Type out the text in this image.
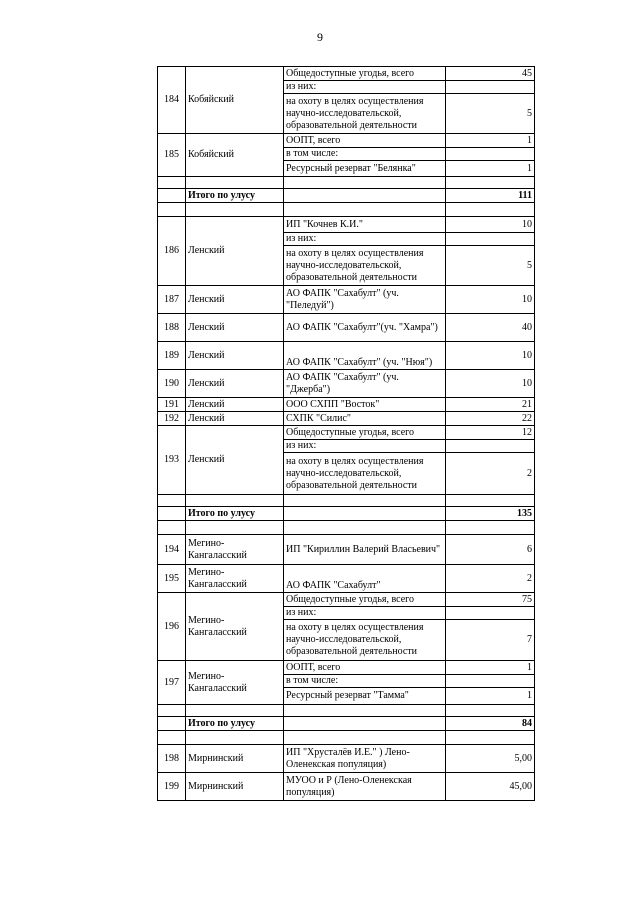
9
184	Кобяйский	Общедоступные угодья, всего	45
		из них:	
		на охоту в целях осуществления научно-исследовательской, образовательной деятельности	5
185	Кобяйский	ООПТ, всего	1
		в том числе:	
		Ресурсный резерват "Белянка"	1

	Итого по улусу		111

186	Ленский	ИП "Кочнев К.И."	10
		из них:	
		на охоту в целях осуществления научно-исследовательской, образовательной деятельности	5
187	Ленский	АО ФАПК "Сахабулт" (уч. "Пеледуй")	10
188	Ленский	АО ФАПК "Сахабулт"(уч. "Хамра")	40
189	Ленский	АО ФАПК "Сахабулт" (уч. "Нюя")	10
190	Ленский	АО ФАПК "Сахабулт" (уч. "Джерба")	10
191	Ленский	ООО СХПП "Восток"	21
192	Ленский	СХПК "Силис"	22
193	Ленский	Общедоступные угодья, всего	12
		из них:	
		на охоту в целях осуществления научно-исследовательской, образовательной деятельности	2

	Итого по улусу		135

194	Мегино-Кангаласский	ИП "Кириллин Валерий Власьевич"	6
195	Мегино-Кангаласский	АО ФАПК "Сахабулт"	2
196	Мегино-Кангаласский	Общедоступные угодья, всего	75
		из них:	
		на охоту в целях осуществления научно-исследовательской, образовательной деятельности	7
197	Мегино-Кангаласский	ООПТ, всего	1
		в том числе:	
		Ресурсный резерват "Тамма"	1

	Итого по улусу		84

198	Мирнинский	ИП "Хрусталёв И.Е." ) Лено-Оленекская популяция)	5,00
199	Мирнинский	МУОО и Р (Лено-Оленекская популяция)	45,00
